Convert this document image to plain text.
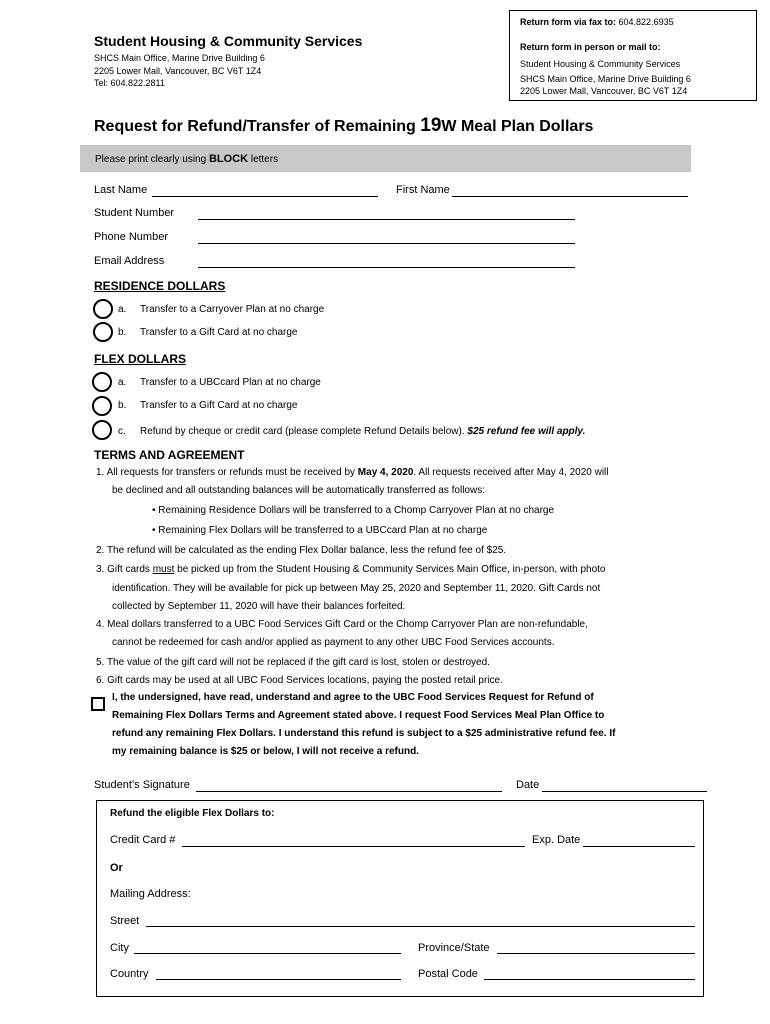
Return form via fax to: 604.822.6935
Return form in person or mail to:
Student Housing & Community Services
SHCS Main Office, Marine Drive Building 6
2205 Lower Mall, Vancouver, BC V6T 1Z4
Student Housing & Community Services
SHCS Main Office, Marine Drive Building 6
2205 Lower Mall, Vancouver, BC V6T 1Z4
Tel: 604.822.2811
Request for Refund/Transfer of Remaining 19W Meal Plan Dollars
Please print clearly using BLOCK letters
Last Name	First Name
Student Number
Phone Number
Email Address
RESIDENCE DOLLARS
a. Transfer to a Carryover Plan at no charge
b. Transfer to a Gift Card at no charge
FLEX DOLLARS
a. Transfer to a UBCcard Plan at no charge
b. Transfer to a Gift Card at no charge
c. Refund by cheque or credit card (please complete Refund Details below). $25 refund fee will apply.
TERMS AND AGREEMENT
1. All requests for transfers or refunds must be received by May 4, 2020. All requests received after May 4, 2020 will
be declined and all outstanding balances will be automatically transferred as follows:
• Remaining Residence Dollars will be transferred to a Chomp Carryover Plan at no charge
• Remaining Flex Dollars will be transferred to a UBCcard Plan at no charge
2. The refund will be calculated as the ending Flex Dollar balance, less the refund fee of $25.
3. Gift cards must be picked up from the Student Housing & Community Services Main Office, in-person, with photo
identification. They will be available for pick up between May 25, 2020 and September 11, 2020. Gift Cards not
collected by September 11, 2020 will have their balances forfeited.
4. Meal dollars transferred to a UBC Food Services Gift Card or the Chomp Carryover Plan are non-refundable,
cannot be redeemed for cash and/or applied as payment to any other UBC Food Services accounts.
5. The value of the gift card will not be replaced if the gift card is lost, stolen or destroyed.
6. Gift cards may be used at all UBC Food Services locations, paying the posted retail price.
I, the undersigned, have read, understand and agree to the UBC Food Services Request for Refund of
Remaining Flex Dollars Terms and Agreement stated above. I request Food Services Meal Plan Office to
refund any remaining Flex Dollars. I understand this refund is subject to a $25 administrative refund fee. If
my remaining balance is $25 or below, I will not receive a refund.
Student’s Signature	Date
Refund the eligible Flex Dollars to:
Credit Card #	Exp. Date
Or
Mailing Address:
Street
City	Province/State
Country	Postal Code
